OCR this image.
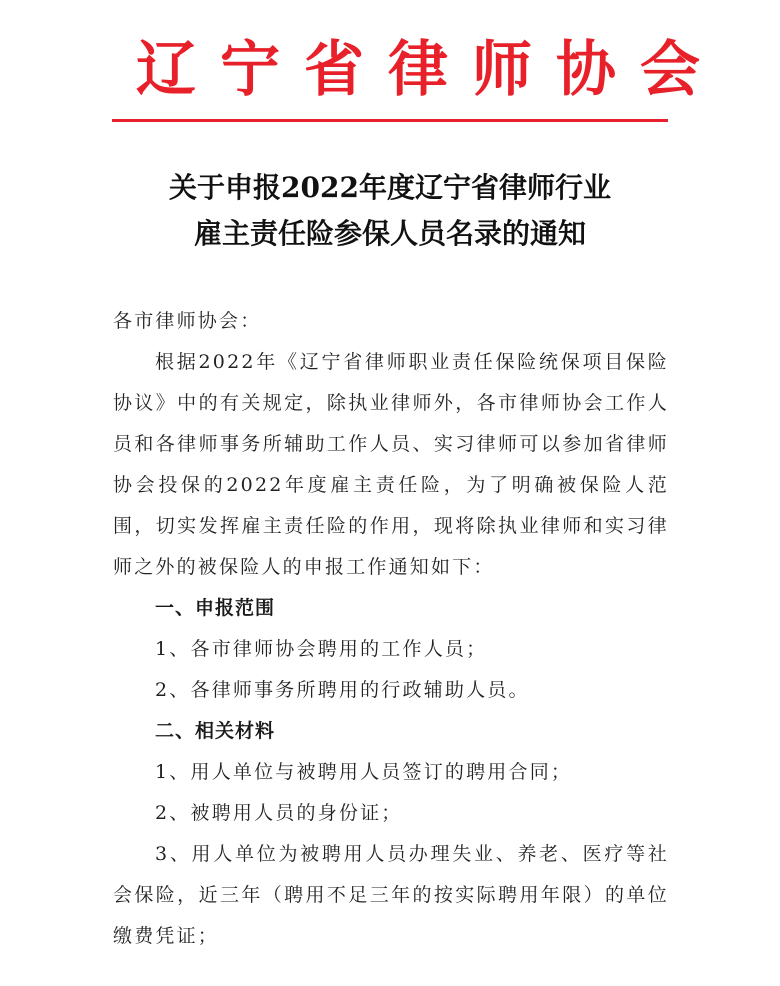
辽宁省律师协会
关于申报2022年度辽宁省律师行业
雇主责任险参保人员名录的通知

各市律师协会：

根据2022年《辽宁省律师职业责任保险统保项目保险协议》中的有关规定，除执业律师外，各市律师协会工作人员和各律师事务所辅助工作人员、实习律师可以参加省律师协会投保的2022年度雇主责任险，为了明确被保险人范围，切实发挥雇主责任险的作用，现将除执业律师和实习律师之外的被保险人的申报工作通知如下：

一、申报范围

1、各市律师协会聘用的工作人员；

2、各律师事务所聘用的行政辅助人员。

二、相关材料

1、用人单位与被聘用人员签订的聘用合同；

2、被聘用人员的身份证；

3、用人单位为被聘用人员办理失业、养老、医疗等社会保险，近三年（聘用不足三年的按实际聘用年限）的单位缴费凭证；
